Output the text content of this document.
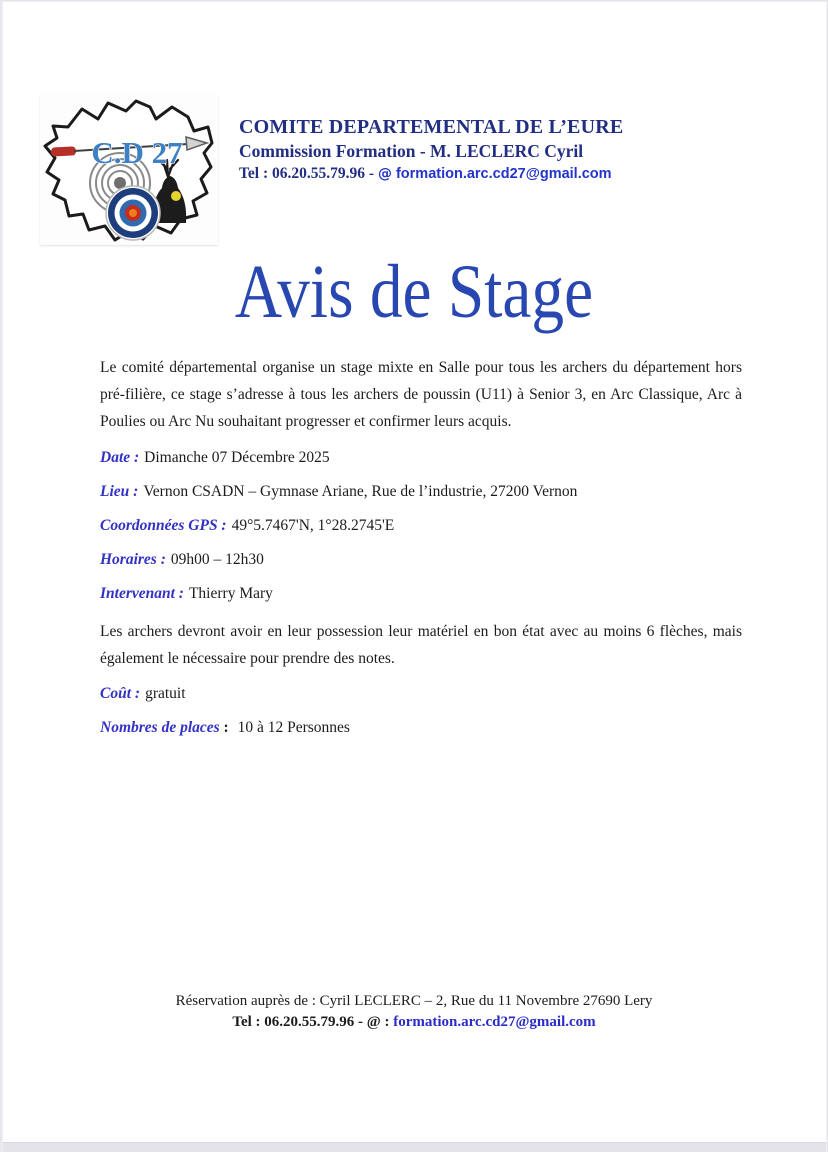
C.D 27
COMITE DEPARTEMENTAL DE L’EURE
Commission Formation - M. LECLERC Cyril
Tel : 06.20.55.79.96 - @ formation.arc.cd27@gmail.com
Avis de Stage

Le comité départemental organise un stage mixte en Salle pour tous les archers du département hors pré-filière, ce stage s’adresse à tous les archers de poussin (U11) à Senior 3, en Arc Classique, Arc à Poulies ou Arc Nu souhaitant progresser et confirmer leurs acquis.

Date : Dimanche 07 Décembre 2025

Lieu : Vernon CSADN – Gymnase Ariane, Rue de l’industrie, 27200 Vernon

Coordonnées GPS : 49°5.7467'N, 1°28.2745'E

Horaires : 09h00 – 12h30

Intervenant : Thierry Mary

Les archers devront avoir en leur possession leur matériel en bon état avec au moins 6 flèches, mais également le nécessaire pour prendre des notes.

Coût : gratuit

Nombres de places : 10 à 12 Personnes

Réservation auprès de : Cyril LECLERC – 2, Rue du 11 Novembre 27690 Lery
Tel : 06.20.55.79.96 - @ : formation.arc.cd27@gmail.com
